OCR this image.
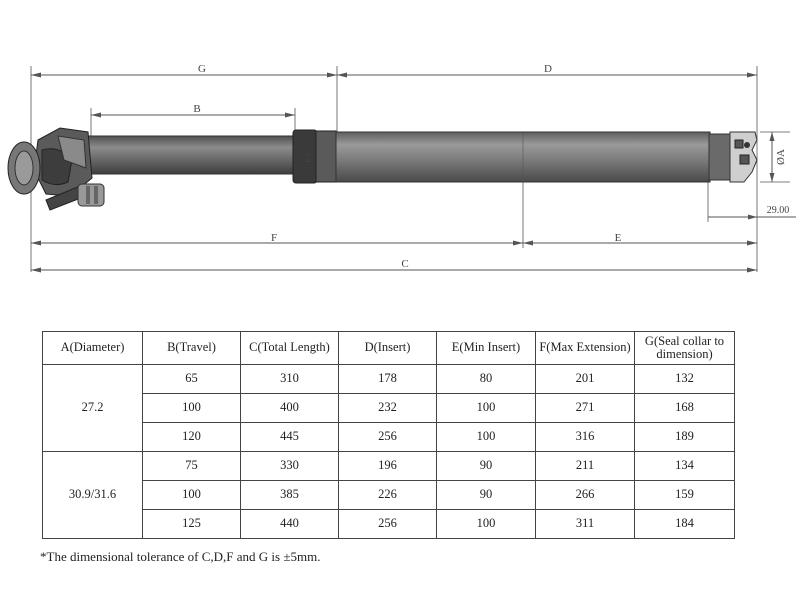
G	D
B
F	E
C
ØA
29.00
KS
A(Diameter)	B(Travel)	C(Total Length)	D(Insert)	E(Min Insert)	F(Max Extension)	G(Seal collar to dimension)
27.2	65	310	178	80	201	132
	100	400	232	100	271	168
	120	445	256	100	316	189
30.9/31.6	75	330	196	90	211	134
	100	385	226	90	266	159
	125	440	256	100	311	184
*The dimensional tolerance of C,D,F and G is ±5mm.
